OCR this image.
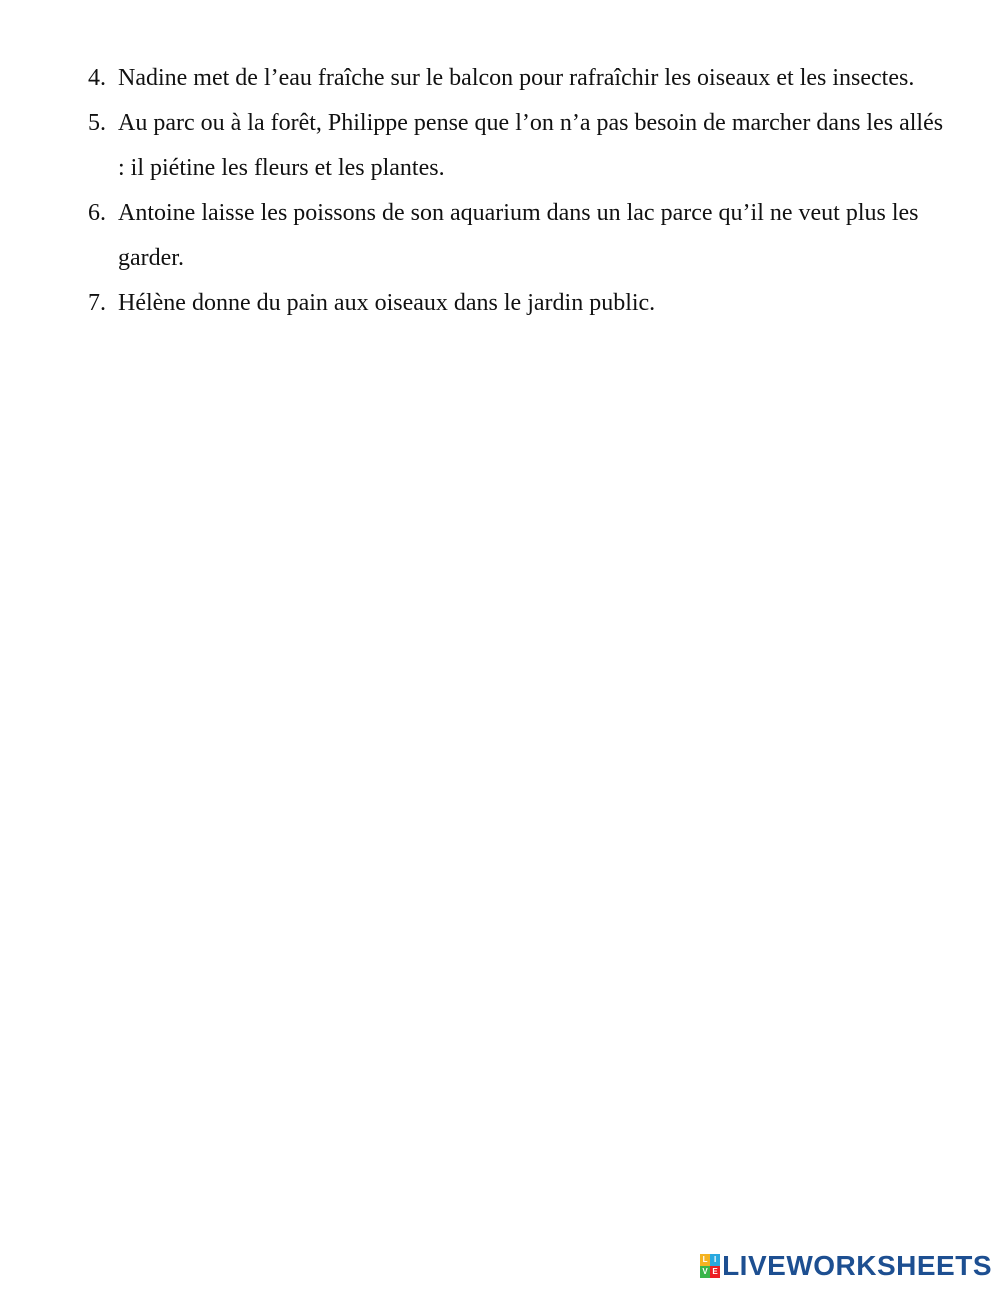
4. Nadine met de l’eau fraîche sur le balcon pour rafraîchir les oiseaux et les insectes.
5. Au parc ou à la forêt, Philippe pense que l’on n’a pas besoin de marcher dans les allés : il piétine les fleurs et les plantes.
6. Antoine laisse les poissons de son aquarium dans un lac parce qu’il ne veut plus les garder.
7. Hélène donne du pain aux oiseaux dans le jardin public.
L I
V E LIVEWORKSHEETS
